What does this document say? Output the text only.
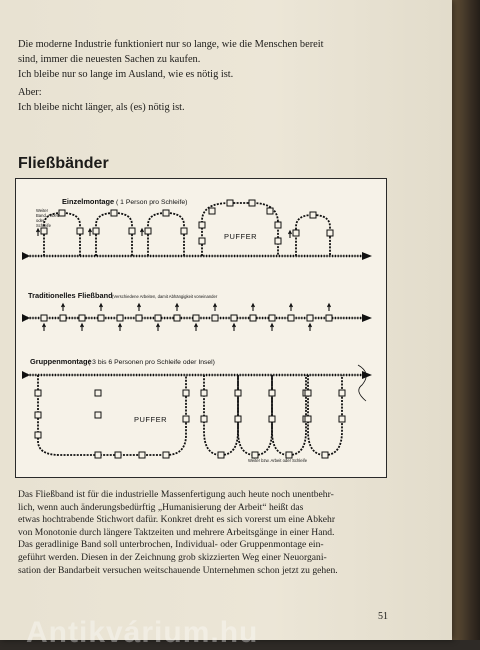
Die moderne Industrie funktioniert nur so lange, wie die Menschen bereit
sind, immer die neuesten Sachen zu kaufen.
Ich bleibe nur so lange im Ausland, wie es nötig ist.
Aber:
Ich bleibe nicht länger, als (es) nötig ist.
Fließbänder
Einzelmontage ( 1 Person pro Schleife)
Weiter
Band, Arbeit
oder
Schleife
PUFFER
Traditionelles Fließband (Verschiedene Arbeiten, damit Abhängigkeit voneinander
Gruppenmontage
( 3 bis 6 Personen pro Schleife oder Insel)
PUFFER
Weiter bzw. Arbeit oder Schleife
Das Fließband ist für die industrielle Massenfertigung auch heute noch unentbehr-
lich, wenn auch änderungsbedürftig „Humanisierung der Arbeit“ heißt das
etwas hochtrabende Stichwort dafür. Konkret dreht es sich vorerst um eine Abkehr
von Monotonie durch längere Taktzeiten und mehrere Arbeitsgänge in einer Hand.
Das geradlinige Band soll unterbrochen, Individual- oder Gruppenmontage ein-
geführt werden. Diesen in der Zeichnung grob skizzierten Weg einer Neuorgani-
sation der Bandarbeit versuchen weitschauende Unternehmen schon jetzt zu gehen.
51
Antikvárium.hu
